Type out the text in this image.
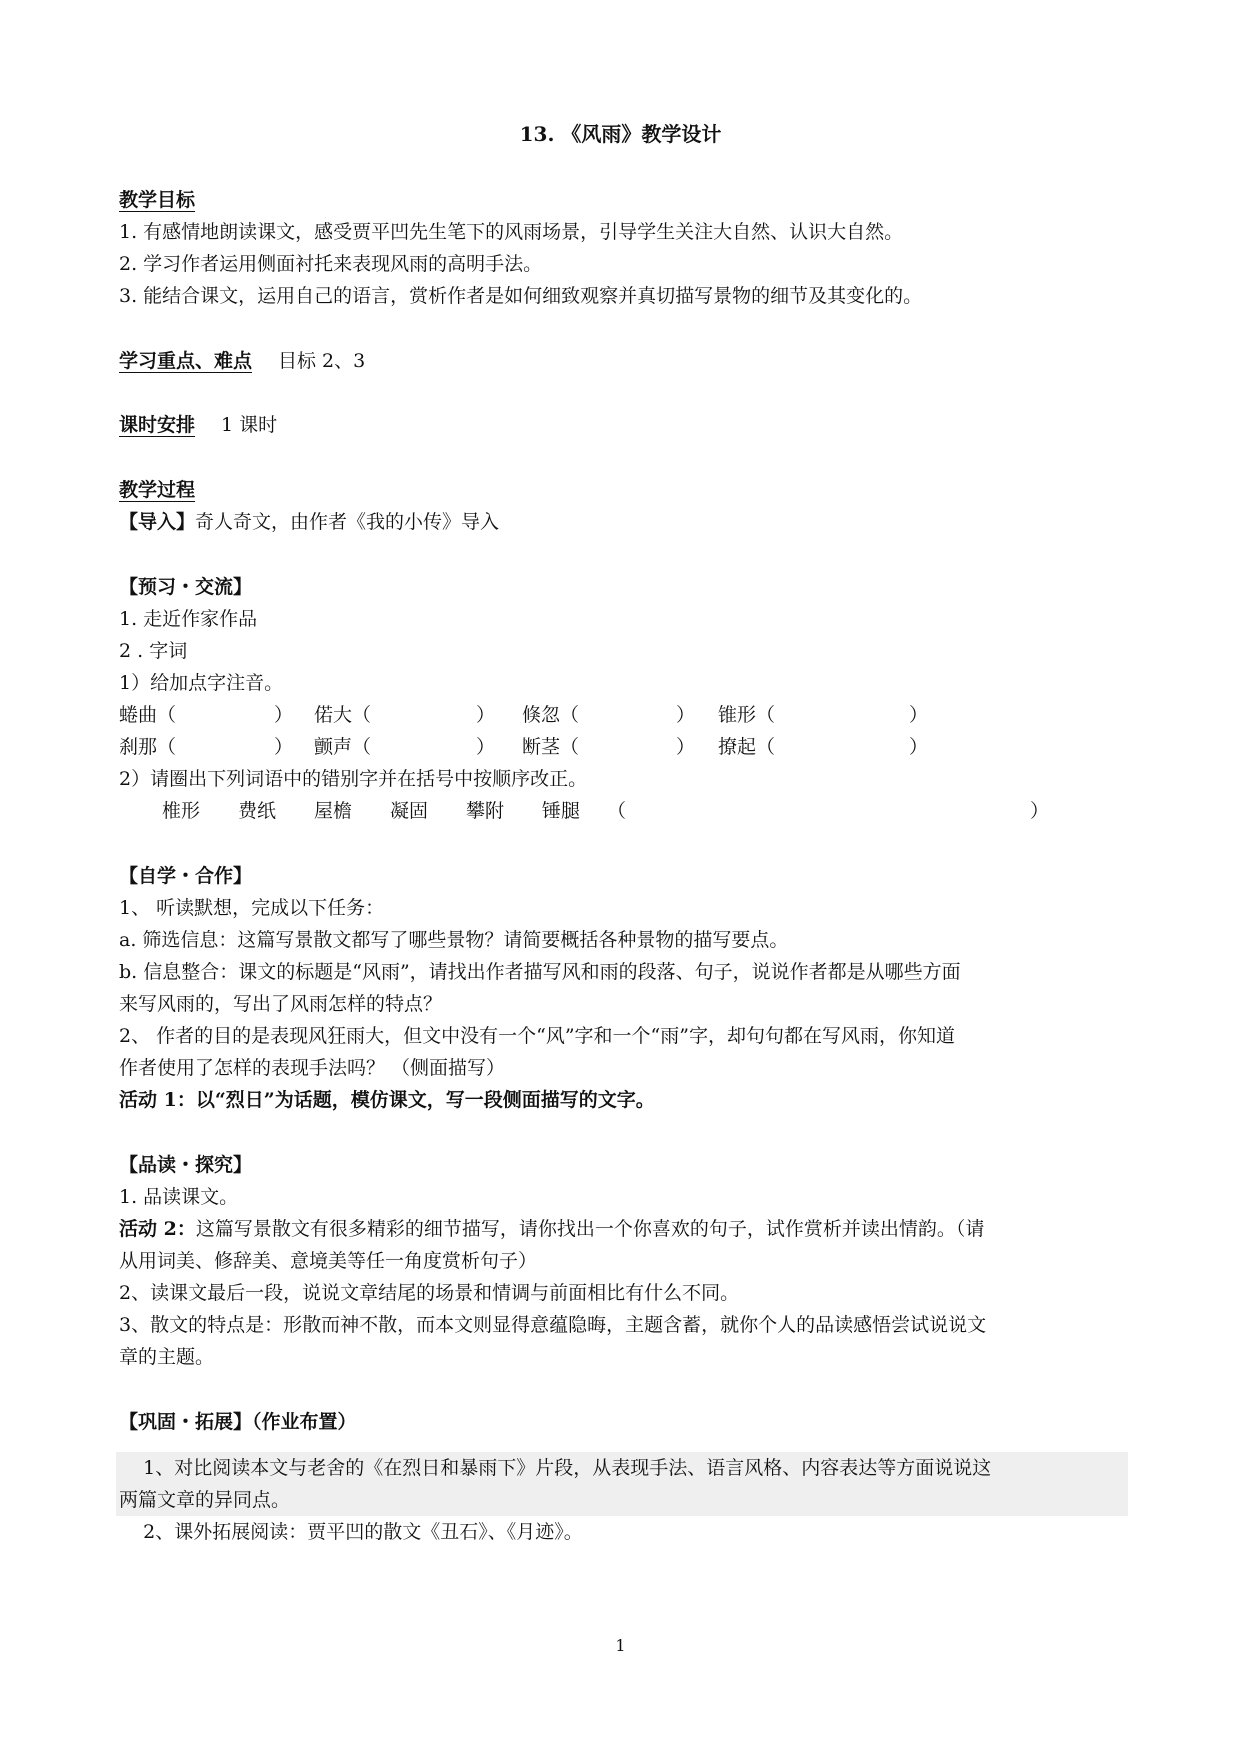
13. 《风雨》教学设计
教学目标
1. 有感情地朗读课文，感受贾平凹先生笔下的风雨场景，引导学生关注大自然、认识大自然。
2. 学习作者运用侧面衬托来表现风雨的高明手法。
3. 能结合课文，运用自己的语言，赏析作者是如何细致观察并真切描写景物的细节及其变化的。
学习重点、难点 目标 2、3
课时安排 1 课时
教学过程
【导入】奇人奇文，由作者《我的小传》导入
【预习・交流】
1. 走近作家作品
2 . 字词
1）给加点字注音。
蜷曲（	） 偌大（	） 倏忽（	） 锥形（	）
刹那（	） 颤声（	） 断茎（	） 撩起（	）
2）请圈出下列词语中的错别字并在括号中按顺序改正。
椎形 费纸 屋檐 凝固 攀附 锤腿 （	）
【自学・合作】
1、 听读默想，完成以下任务：
a. 筛选信息：这篇写景散文都写了哪些景物？请简要概括各种景物的描写要点。
b. 信息整合：课文的标题是“风雨”，请找出作者描写风和雨的段落、句子，说说作者都是从哪些方面
来写风雨的，写出了风雨怎样的特点？
2、 作者的目的是表现风狂雨大，但文中没有一个“风”字和一个“雨”字，却句句都在写风雨，你知道
作者使用了怎样的表现手法吗？ （侧面描写）
活动 1：以“烈日”为话题，模仿课文，写一段侧面描写的文字。
【品读・探究】
1. 品读课文。
活动 2：这篇写景散文有很多精彩的细节描写，请你找出一个你喜欢的句子，试作赏析并读出情韵。（请
从用词美、修辞美、意境美等任一角度赏析句子）
2、读课文最后一段，说说文章结尾的场景和情调与前面相比有什么不同。
3、散文的特点是：形散而神不散，而本文则显得意蕴隐晦，主题含蓄，就你个人的品读感悟尝试说说文
章的主题。
【巩固・拓展】（作业布置）
1、对比阅读本文与老舍的《在烈日和暴雨下》片段，从表现手法、语言风格、内容表达等方面说说这
两篇文章的异同点。
2、课外拓展阅读：贾平凹的散文《丑石》、《月迹》。
1
